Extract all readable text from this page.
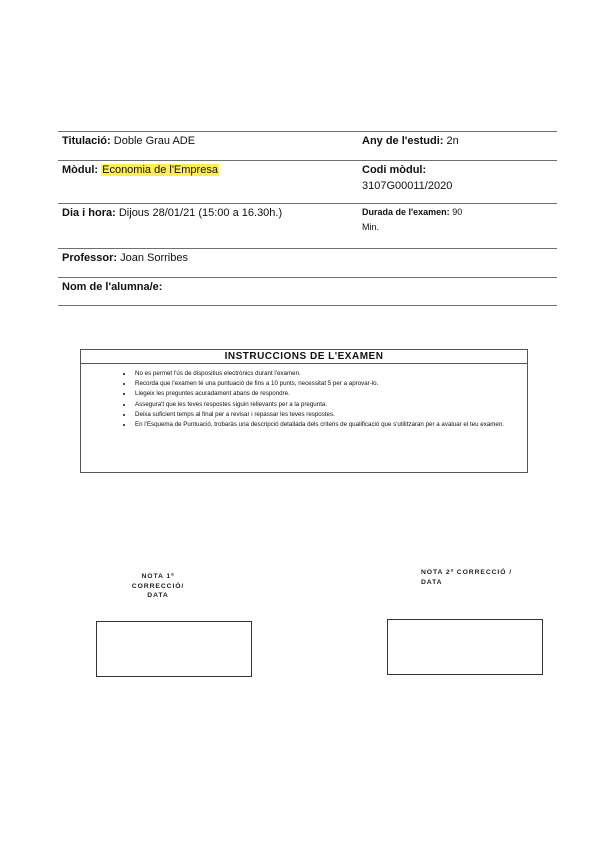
Titulació: Doble Grau ADE	Any de l'estudi: 2n
Mòdul: Economia de l'Empresa	Codi mòdul:
3107G00011/2020
Dia i hora: Dijous 28/01/21 (15:00 a 16.30h.)	Durada de l'examen: 90
Min.
Professor: Joan Sorribes
Nom de l'alumna/e:
INSTRUCCIONS DE L'EXAMEN
• No es permet l'ús de dispositius electrònics durant l'examen.
• Recorda que l'examen té una puntuació de fins a 10 punts, necessitat 5 per a aprovar-lo.
• Llegeix les preguntes acuradament abans de respondre.
• Assegura't que les teves respostes siguin rellevants per a la pregunta.
• Deixa suficient temps al final per a revisar i repassar les teves respostes.
• En l'Esquema de Puntuació, trobaràs una descripció detallada dels criteris de qualificació que s'utilitzaran per a avaluar el teu examen.
NOTA 1ª CORRECCIÓ/
DATA
NOTA 2ª CORRECCIÓ /
DATA
